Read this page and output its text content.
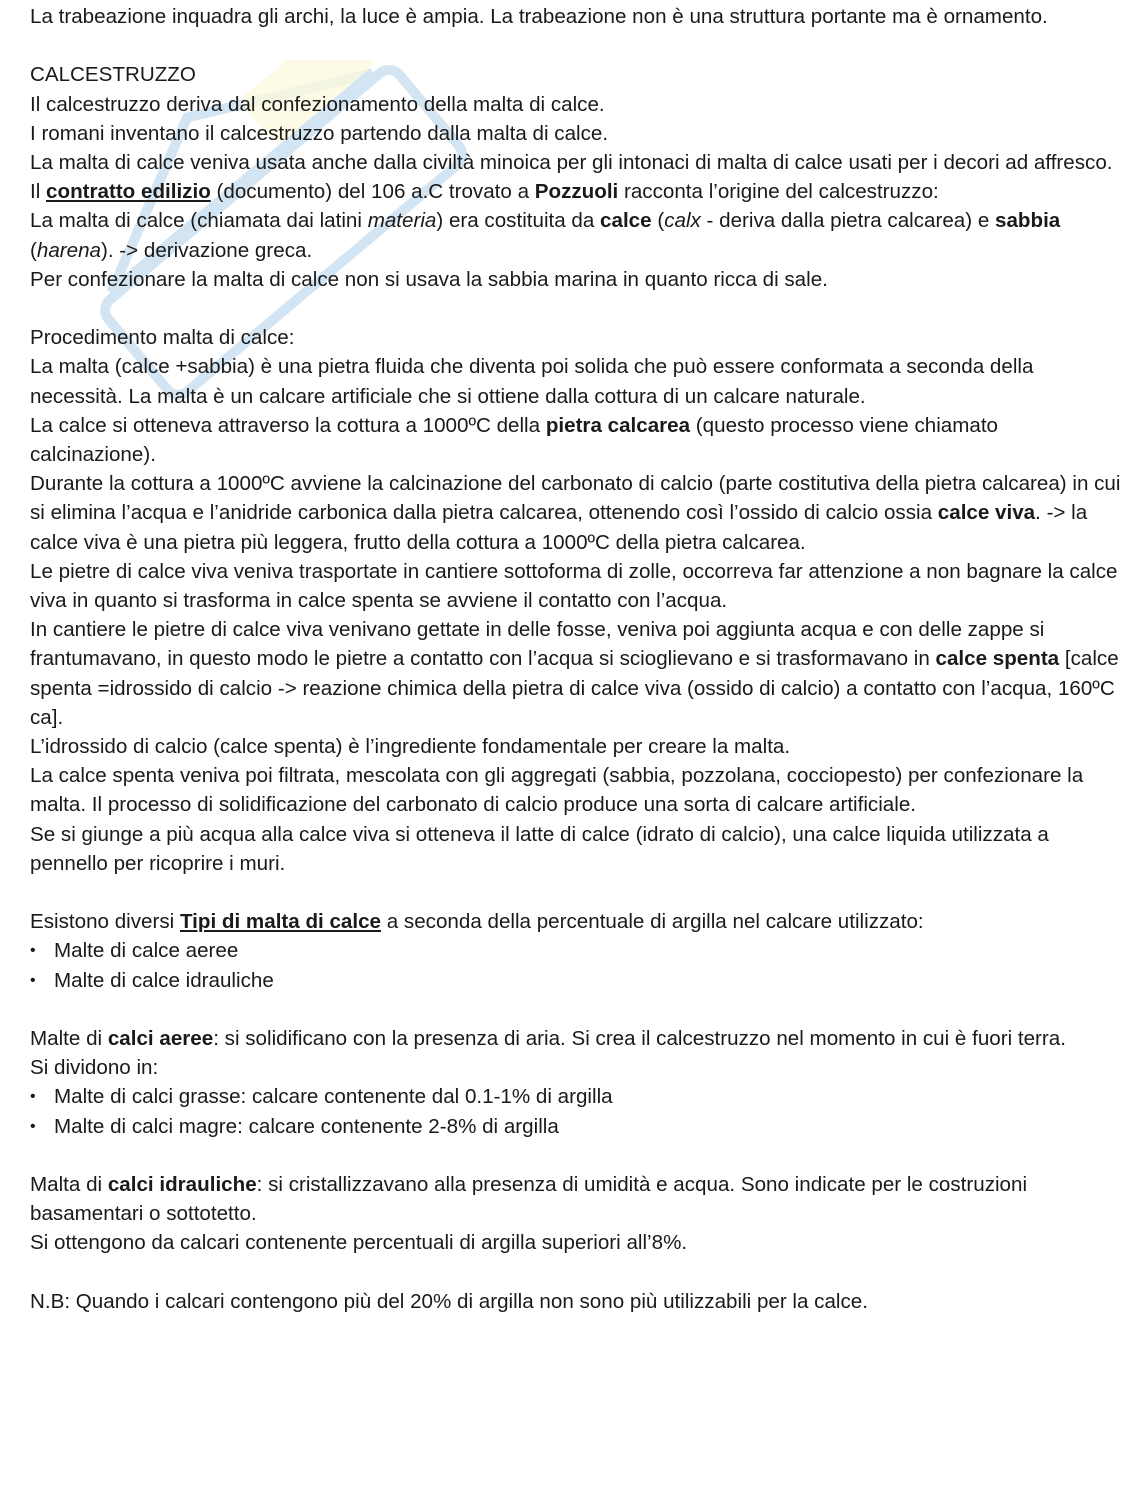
La trabeazione inquadra gli archi, la luce è ampia. La trabeazione non è una struttura portante ma è ornamento.

CALCESTRUZZO

Il calcestruzzo deriva dal confezionamento della malta di calce.

I romani inventano il calcestruzzo partendo dalla malta di calce.

La malta di calce veniva usata anche dalla civiltà minoica per gli intonaci di malta di calce usati per i decori ad affresco.

Il contratto edilizio (documento) del 106 a.C trovato a Pozzuoli racconta l’origine del calcestruzzo:

La malta di calce (chiamata dai latini materia) era costituita da calce (calx - deriva dalla pietra calcarea) e sabbia (harena). -> derivazione greca.

Per confezionare la malta di calce non si usava la sabbia marina in quanto ricca di sale.

Procedimento malta di calce:

La malta (calce +sabbia) è una pietra fluida che diventa poi solida che può essere conformata a seconda della necessità. La malta è un calcare artificiale che si ottiene dalla cottura di un calcare naturale.

La calce si otteneva attraverso la cottura a 1000ºC della pietra calcarea (questo processo viene chiamato calcinazione).

Durante la cottura a 1000ºC avviene la calcinazione del carbonato di calcio (parte costitutiva della pietra calcarea) in cui si elimina l’acqua e l’anidride carbonica dalla pietra calcarea, ottenendo così l’ossido di calcio ossia calce viva. -> la calce viva è una pietra più leggera, frutto della cottura a 1000ºC della pietra calcarea.

Le pietre di calce viva veniva trasportate in cantiere sottoforma di zolle, occorreva far attenzione a non bagnare la calce viva in quanto si trasforma in calce spenta se avviene il contatto con l’acqua.

In cantiere le pietre di calce viva venivano gettate in delle fosse, veniva poi aggiunta acqua e con delle zappe si frantumavano, in questo modo le pietre a contatto con l’acqua si scioglievano e si trasformavano in calce spenta [calce spenta =idrossido di calcio -> reazione chimica della pietra di calce viva (ossido di calcio) a contatto con l’acqua, 160ºC ca].

L’idrossido di calcio (calce spenta) è l’ingrediente fondamentale per creare la malta.

La calce spenta veniva poi filtrata, mescolata con gli aggregati (sabbia, pozzolana, cocciopesto) per confezionare la malta. Il processo di solidificazione del carbonato di calcio produce una sorta di calcare artificiale.

Se si giunge a più acqua alla calce viva si otteneva il latte di calce (idrato di calcio), una calce liquida utilizzata a pennello per ricoprire i muri.

Esistono diversi Tipi di malta di calce a seconda della percentuale di argilla nel calcare utilizzato:

• Malte di calce aeree
• Malte di calce idrauliche

Malte di calci aeree: si solidificano con la presenza di aria. Si crea il calcestruzzo nel momento in cui è fuori terra.

Si dividono in:

• Malte di calci grasse: calcare contenente dal 0.1-1% di argilla
• Malte di calci magre: calcare contenente 2-8% di argilla

Malta di calci idrauliche: si cristallizzavano alla presenza di umidità e acqua. Sono indicate per le costruzioni basamentari o sottotetto.

Si ottengono da calcari contenente percentuali di argilla superiori all’8%.

N.B: Quando i calcari contengono più del 20% di argilla non sono più utilizzabili per la calce.
